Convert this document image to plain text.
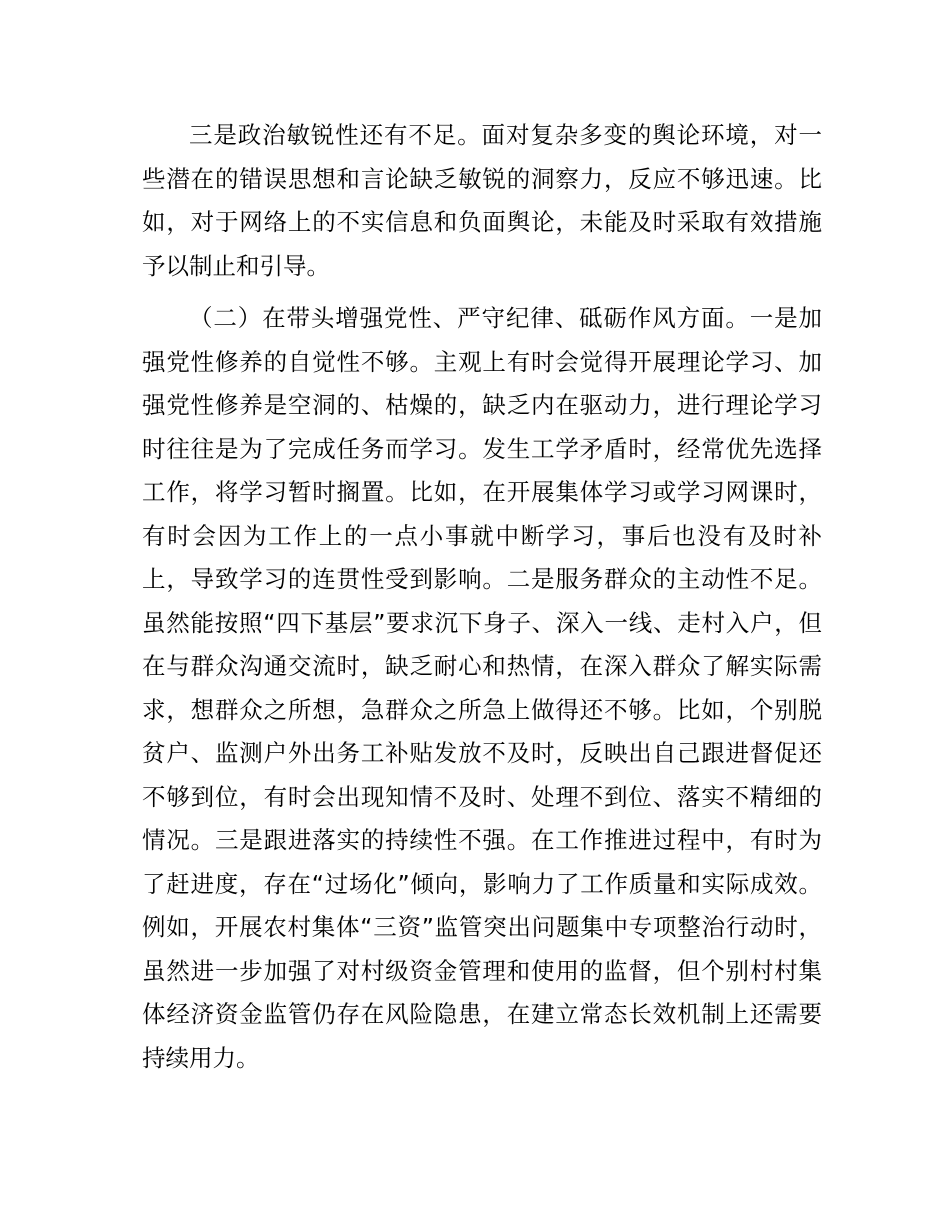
三是政治敏锐性还有不足。面对复杂多变的舆论环境，对一些潜在的错误思想和言论缺乏敏锐的洞察力，反应不够迅速。比如，对于网络上的不实信息和负面舆论，未能及时采取有效措施予以制止和引导。

（二）在带头增强党性、严守纪律、砥砺作风方面。一是加强党性修养的自觉性不够。主观上有时会觉得开展理论学习、加强党性修养是空洞的、枯燥的，缺乏内在驱动力，进行理论学习时往往是为了完成任务而学习。发生工学矛盾时，经常优先选择工作，将学习暂时搁置。比如，在开展集体学习或学习网课时，有时会因为工作上的一点小事就中断学习，事后也没有及时补上，导致学习的连贯性受到影响。二是服务群众的主动性不足。虽然能按照“四下基层”要求沉下身子、深入一线、走村入户，但在与群众沟通交流时，缺乏耐心和热情，在深入群众了解实际需求，想群众之所想，急群众之所急上做得还不够。比如，个别脱贫户、监测户外出务工补贴发放不及时，反映出自己跟进督促还不够到位，有时会出现知情不及时、处理不到位、落实不精细的情况。三是跟进落实的持续性不强。在工作推进过程中，有时为了赶进度，存在“过场化”倾向，影响力了工作质量和实际成效。例如，开展农村集体“三资”监管突出问题集中专项整治行动时，虽然进一步加强了对村级资金管理和使用的监督，但个别村村集体经济资金监管仍存在风险隐患，在建立常态长效机制上还需要持续用力。
